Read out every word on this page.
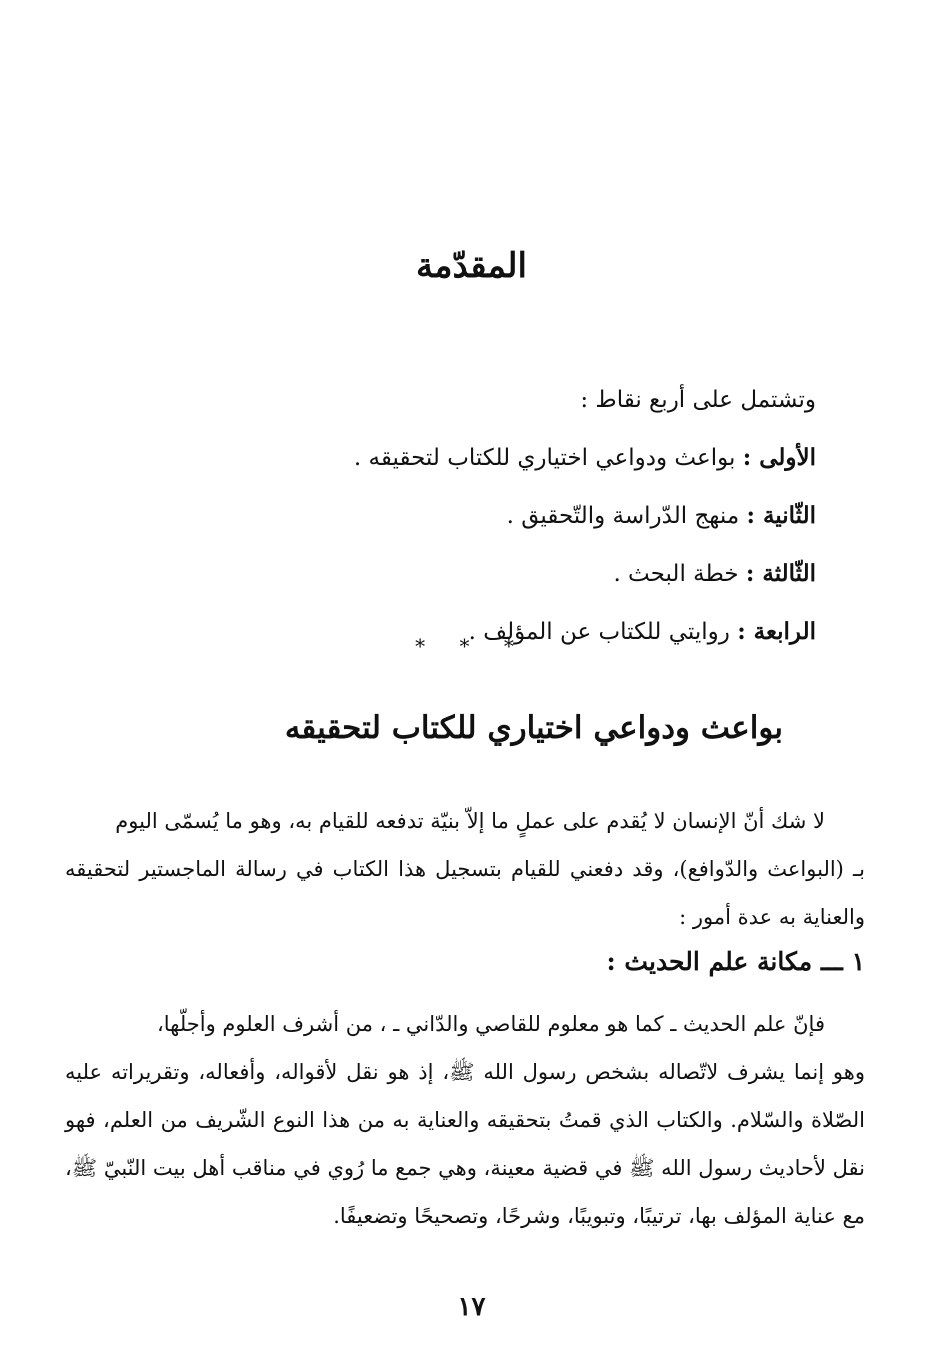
المقدّمة
وتشتمل على أربع نقاط :
الأولى : بواعث ودواعي اختياري للكتاب لتحقيقه .
الثّانية : منهج الدّراسة والتّحقيق .
الثّالثة : خطة البحث .
الرابعة : روايتي للكتاب عن المؤلف .
* * *
بواعث ودواعي اختياري للكتاب لتحقيقه
لا شك أنّ الإنسان لا يُقدم على عملٍ ما إلاّ بنيّة تدفعه للقيام به، وهو ما يُسمّى اليوم
بـ (البواعث والدّوافع)، وقد دفعني للقيام بتسجيل هذا الكتاب في رسالة الماجستير لتحقيقه والعناية به عدة أمور :
١ ـــ مكانة علم الحديث :
فإنّ علم الحديث ـ كما هو معلوم للقاصي والدّاني ـ ، من أشرف العلوم وأجلّها،
وهو إنما يشرف لاتّصاله بشخص رسول الله ﷺ، إذ هو نقل لأقواله، وأفعاله، وتقريراته عليه الصّلاة والسّلام. والكتاب الذي قمتُ بتحقيقه والعناية به من هذا النوع الشّريف من العلم، فهو نقل لأحاديث رسول الله ﷺ في قضية معينة، وهي جمع ما رُوي في مناقب أهل بيت النّبيّ ﷺ، مع عناية المؤلف بها، ترتيبًا، وتبويبًا، وشرحًا، وتصحيحًا وتضعيفًا.
١٧
